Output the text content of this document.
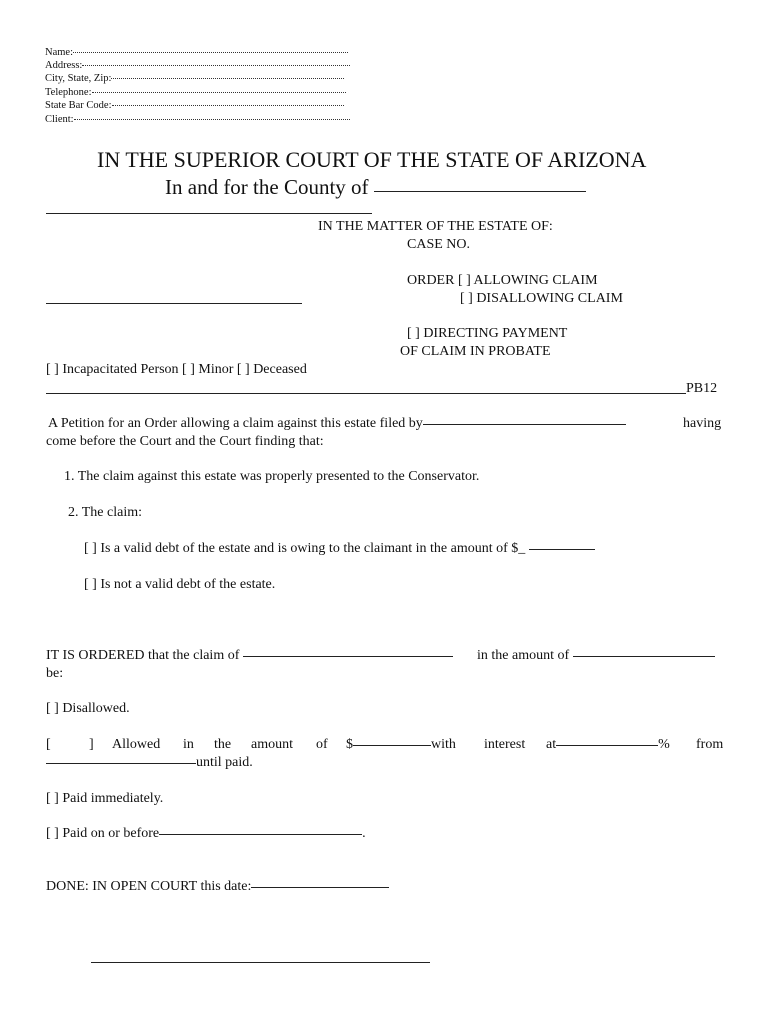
Name:
Address:
City, State, Zip:
Telephone:
State Bar Code:
Client:
IN THE SUPERIOR COURT OF THE STATE OF ARIZONA
In and for the County of
IN THE MATTER OF THE ESTATE OF:
CASE NO.
ORDER [ ] ALLOWING CLAIM
[ ] DISALLOWING CLAIM
[ ] DIRECTING PAYMENT
OF CLAIM IN PROBATE
[ ] Incapacitated Person [ ] Minor [ ] Deceased
PB12
A Petition for an Order allowing a claim against this estate filed by	having
come before the Court and the Court finding that:
1. The claim against this estate was properly presented to the Conservator.
2. The claim:
[ ] Is a valid debt of the estate and is owing to the claimant in the amount of $_
[ ] Is not a valid debt of the estate.
IT IS ORDERED that the claim of	in the amount of
be:
[ ] Disallowed.
[	] Allowed in the amount of $	with interest at	% from
until paid.
[ ] Paid immediately.
[ ] Paid on or before	.
DONE: IN OPEN COURT this date:
